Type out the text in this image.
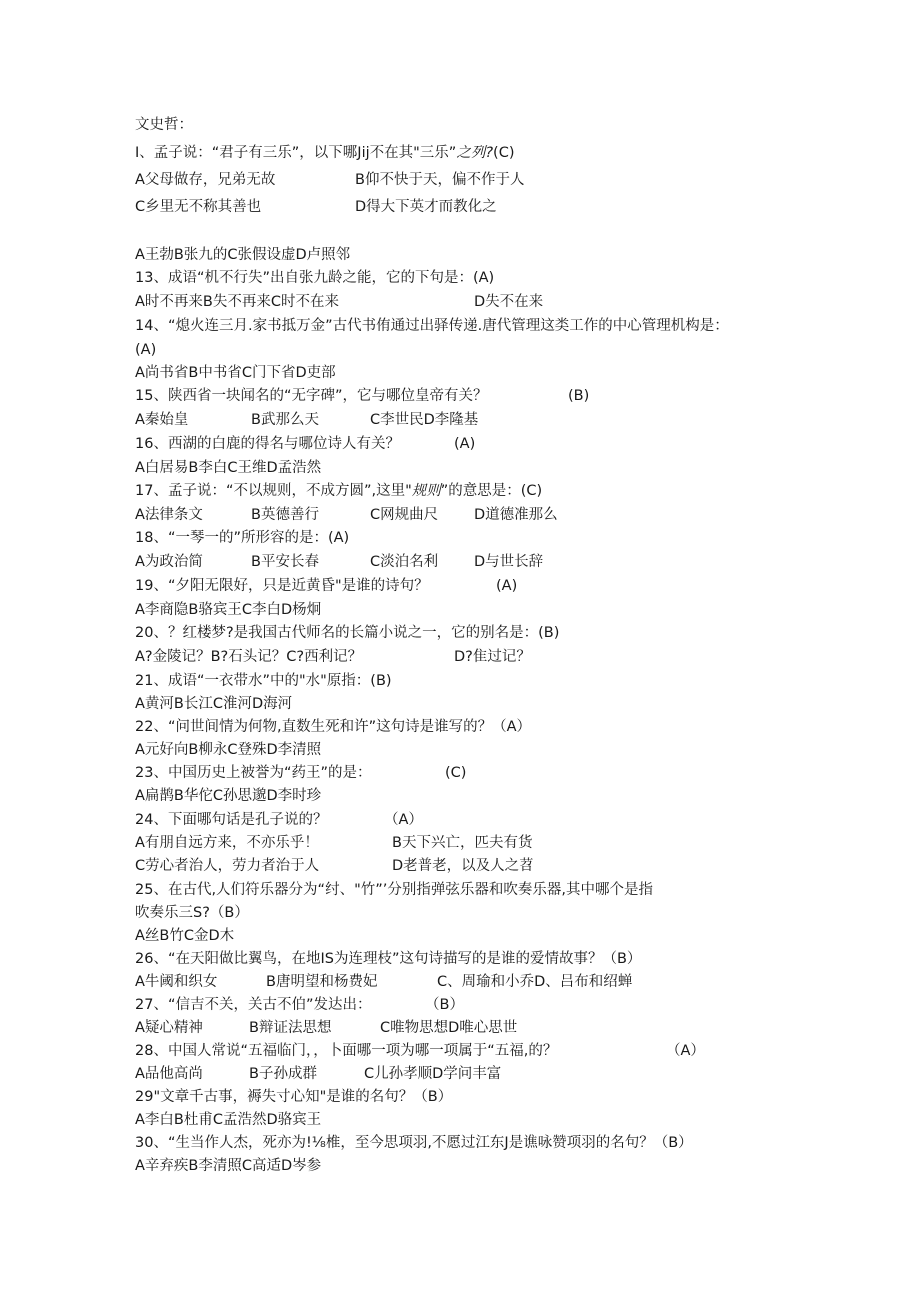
文史哲：
I、孟子说：“君子有三乐”，以下哪Jij不在其"三乐”之列?(C)
A父母做存，兄弟无故	B仰不快于天，偏不作于人
C乡里无不称其善也	D得大下英才而教化之
A王勃B张九的C张假设虚D卢照邻
13、成语“机不行失”出自张九龄之能，它的下句是：(A)
A时不再来B失不再来C时不在来	D失不在来
14、“熄火连三月.家书抵万金”古代书侑通过出驿传递.唐代管理这类工作的中心管理机构是：
(A)
A尚书省B中书省C门下省D吏部
15、陕西省一块闻名的“无字碑”，它与哪位皇帝有关？	(B)
A秦始皇	B武那么天	C李世民D李隆基
16、西湖的白鹿的得名与哪位诗人有关？	(A)
A白居易B李白C王维D孟浩然
17、孟子说：“不以规则，不成方圆”,这里"规则”的意思是：(C)
A法律条文	B英德善行	C网规曲尺 D道德准那么
18、“一琴一的”所形容的是：(A)
A为政治简	B平安长春	C淡泊名利 D与世长辞
19、“夕阳无限好，只是近黄昏"是谁的诗句？	(A)
A李商隐B骆宾王C李白D杨炯
20、？红楼梦?是我国古代师名的长篇小说之一，它的别名是：(B)
A?金陵记？B?石头记？C?西利记？	D?隹过记？
21、成语“一衣带水”中的"水"原指：(B)
A黄河B长江C淮河D海河
22、“问世间情为何物,直数生死和许”这句诗是谁写的？（A）
A元好向B柳永C登殊D李清照
23、中国历史上被誉为“药王”的是：	(C)
A扁鹊B华佗C孙思邈D李时珍
24、下面哪句话是孔子说的？	（A）
A有朋自远方来，不亦乐乎！	B天下兴亡，匹夫有货
C劳心者治人，劳力者治于人	D老普老，以及人之苕
25、在古代,人们符乐器分为“纣、"竹”’分别指弹弦乐器和吹奏乐器,其中哪个是指
吹奏乐三S?（B）
A丝B竹C金D木
26、“在天阳做比翼鸟，在地IS为连理枝”这句诗描写的是谁的爱情故事？（B）
A牛阈和织女	B唐明望和杨费妃	C、周瑜和小乔D、吕布和绍蝉
27、“信吉不关，关古不伯”发达出：	（B）
A疑心精神	B辩证法思想	C唯物思想D唯心思世
28、中国人常说“五福临门，，卜面哪一项为哪一项属于“五福,的？	（A）
A品他高尚	B子孙成群	C儿孙孝顺D学问丰富
29"文章千古事，褥失寸心知"是谁的名句？（B）
A李白B杜甫C孟浩然D骆宾王
30、“生当作人杰，死亦为!⅛椎，至今思项羽,不愿过江东J是谯咏赞项羽的名句？（B）
A辛弃疾B李清照C高适D岑参
